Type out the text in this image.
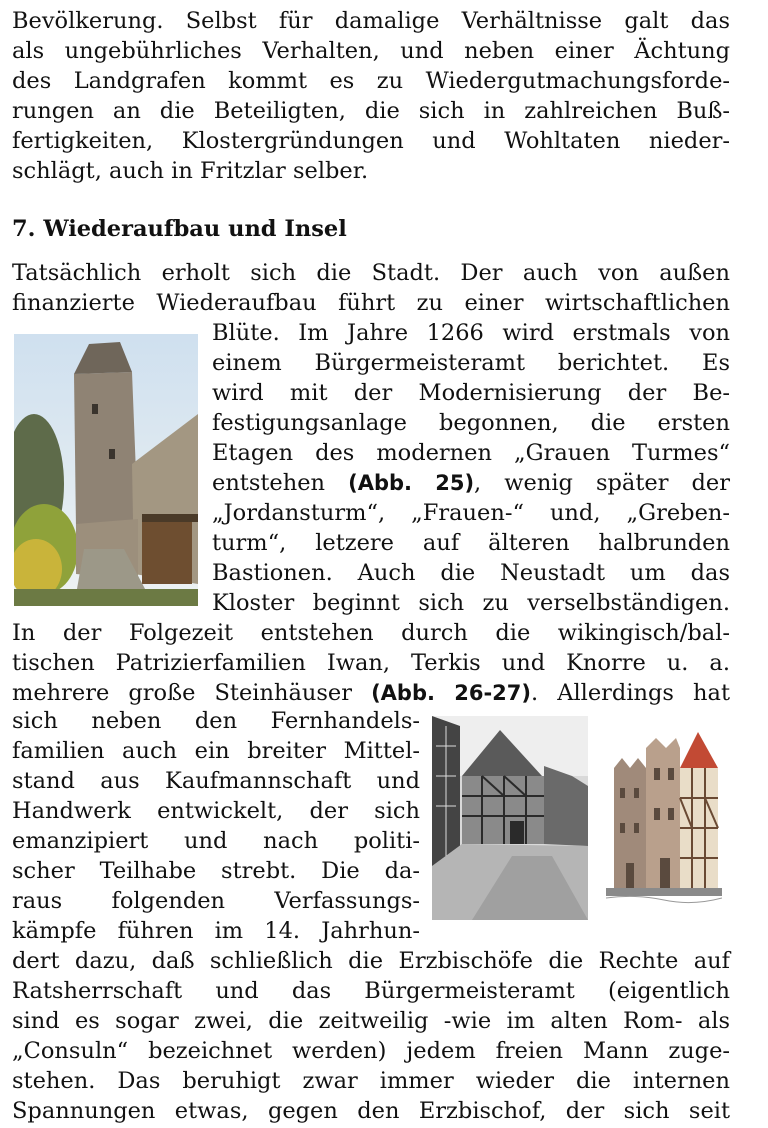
Bevölkerung. Selbst für damalige Verhältnisse galt das
als ungebührliches Verhalten, und neben einer Ächtung
des Landgrafen kommt es zu Wiedergutmachungsforde-
rungen an die Beteiligten, die sich in zahlreichen Buß-
fertigkeiten, Klostergründungen und Wohltaten nieder-
schlägt, auch in Fritzlar selber.
7. Wiederaufbau und Insel
Tatsächlich erholt sich die Stadt. Der auch von außen
finanzierte Wiederaufbau führt zu einer wirtschaftlichen
Blüte. Im Jahre 1266 wird erstmals von
einem Bürgermeisteramt berichtet. Es
wird mit der Modernisierung der Be-
festigungsanlage begonnen, die ersten
Etagen des modernen „Grauen Turmes“
entstehen (Abb. 25), wenig später der
„Jordansturm“, „Frauen-“ und, „Greben-
turm“, letzere auf älteren halbrunden
Bastionen. Auch die Neustadt um das
Kloster beginnt sich zu verselbständigen.
In der Folgezeit entstehen durch die wikingisch/bal-
tischen Patrizierfamilien Iwan, Terkis und Knorre u. a.
mehrere große Steinhäuser (Abb. 26-27). Allerdings hat
sich neben den Fernhandels-
familien auch ein breiter Mittel-
stand aus Kaufmannschaft und
Handwerk entwickelt, der sich
emanzipiert und nach politi-
scher Teilhabe strebt. Die da-
raus folgenden Verfassungs-
kämpfe führen im 14. Jahrhun-
dert dazu, daß schließlich die Erzbischöfe die Rechte auf
Ratsherrschaft und das Bürgermeisteramt (eigentlich
sind es sogar zwei, die zeitweilig -wie im alten Rom- als
„Consuln“ bezeichnet werden) jedem freien Mann zuge-
stehen. Das beruhigt zwar immer wieder die internen
Spannungen etwas, gegen den Erzbischof, der sich seit
